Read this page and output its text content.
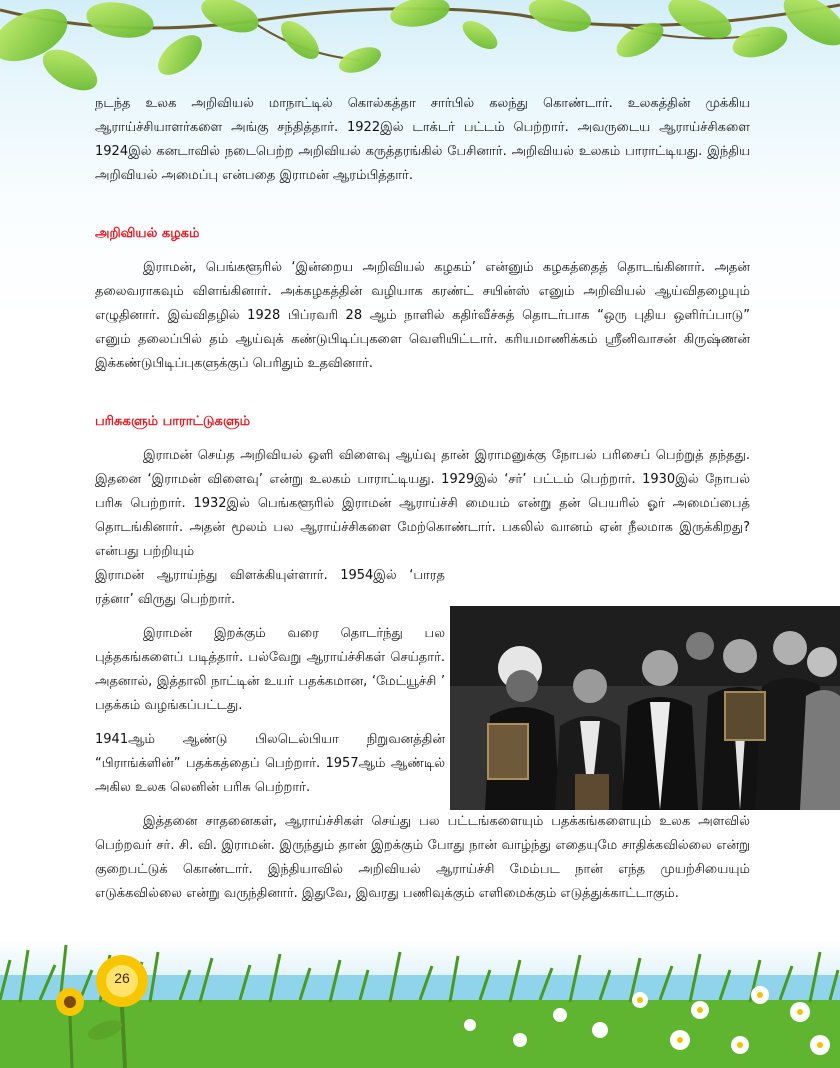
நடந்த உலக அறிவியல் மாநாட்டில் கொல்கத்தா சார்பில் கலந்து கொண்டார். உலகத்தின் முக்கிய ஆராய்ச்சியாளர்களை அங்கு சந்தித்தார். 1922இல் டாக்டர் பட்டம் பெற்றார். அவருடைய ஆராய்ச்சிகளை 1924இல் கனடாவில் நடைபெற்ற அறிவியல் கருத்தரங்கில் பேசினார். அறிவியல் உலகம் பாராட்டியது. இந்திய அறிவியல் அமைப்பு என்பதை இராமன் ஆரம்பித்தார்.

அறிவியல் கழகம்

இராமன், பெங்களூரில் ‘இன்றைய அறிவியல் கழகம்’ என்னும் கழகத்தைத் தொடங்கினார். அதன் தலைவராகவும் விளங்கினார். அக்கழகத்தின் வழியாக கரண்ட் சயின்ஸ் எனும் அறிவியல் ஆய்விதழையும் எழுதினார். இவ்விதழில் 1928 பிப்ரவரி 28 ஆம் நாளில் கதிர்வீச்சுத் தொடர்பாக “ஒரு புதிய ஒளிர்ப்பாடு” எனும் தலைப்பில் தம் ஆய்வுக் கண்டுபிடிப்புகளை வெளியிட்டார். கரியமாணிக்கம் ஸ்ரீனிவாசன் கிருஷ்ணன் இக்கண்டுபிடிப்புகளுக்குப் பெரிதும் உதவினார்.

பரிசுகளும் பாராட்டுகளும்

இராமன் செய்த அறிவியல் ஒளி விளைவு ஆய்வு தான் இராமனுக்கு நோபல் பரிசைப் பெற்றுத் தந்தது. இதனை ‘இராமன் விளைவு’ என்று உலகம் பாராட்டியது. 1929இல் ‘சர்’ பட்டம் பெற்றார். 1930இல் நோபல் பரிசு பெற்றார். 1932இல் பெங்களூரில் இராமன் ஆராய்ச்சி மையம் என்று தன் பெயரில் ஓர் அமைப்பைத் தொடங்கினார். அதன் மூலம் பல ஆராய்ச்சிகளை மேற்கொண்டார். பகலில் வானம் ஏன் நீலமாக இருக்கிறது? என்பது பற்றியும்

இராமன் ஆராய்ந்து விளக்கியுள்ளார். 1954இல் ‘பாரத ரத்னா’ விருது பெற்றார்.

இராமன் இறக்கும் வரை தொடர்ந்து பல புத்தகங்களைப் படித்தார். பல்வேறு ஆராய்ச்சிகள் செய்தார். அதனால், இத்தாலி நாட்டின் உயர் பதக்கமான, ‘மேட்யூச்சி ’ பதக்கம் வழங்கப்பட்டது.

1941ஆம் ஆண்டு பிலடெல்பியா நிறுவனத்தின் “பிராங்க்ளின்” பதக்கத்தைப் பெற்றார். 1957ஆம் ஆண்டில் அகில உலக லெனின் பரிசு பெற்றார்.

இத்தனை சாதனைகள், ஆராய்ச்சிகள் செய்து பல பட்டங்களையும் பதக்கங்களையும் உலக அளவில் பெற்றவர் சர். சி. வி. இராமன். இருந்தும் தான் இறக்கும் போது நான் வாழ்ந்து எதையுமே சாதிக்கவில்லை என்று குறைபட்டுக் கொண்டார். இந்தியாவில் அறிவியல் ஆராய்ச்சி மேம்பட நான் எந்த முயற்சியையும் எடுக்கவில்லை என்று வருந்தினார். இதுவே, இவரது பணிவுக்கும் எளிமைக்கும் எடுத்துக்காட்டாகும்.

26
